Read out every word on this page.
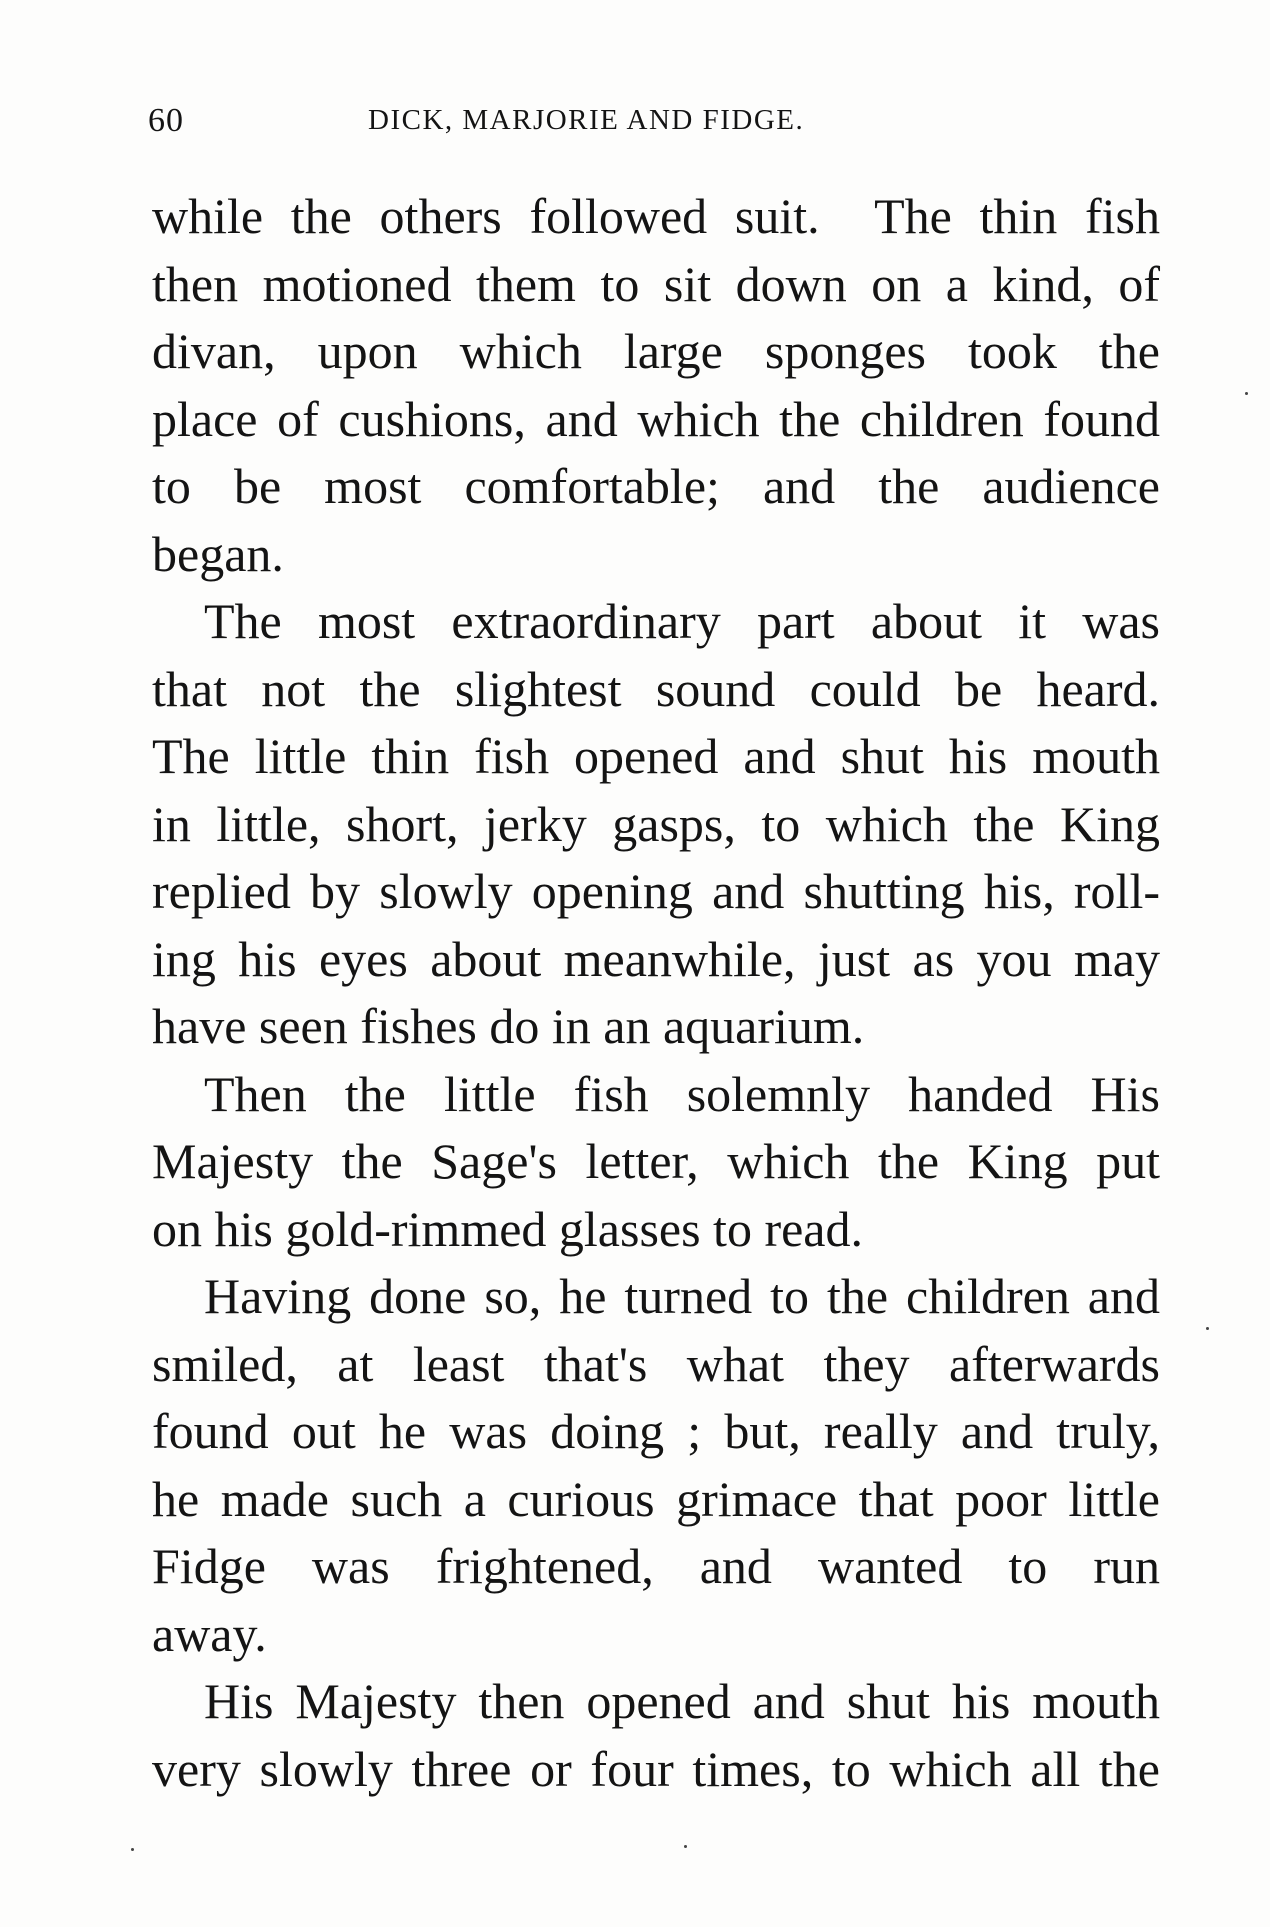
60	DICK, MARJORIE AND FIDGE.
while the others followed suit.  The thin fish
then motioned them to sit down on a kind, of
divan, upon which large sponges took the
place of cushions, and which the children found
to be most comfortable; and the audience
began.
The most extraordinary part about it was
that not the slightest sound could be heard.
The little thin fish opened and shut his mouth
in little, short, jerky gasps, to which the King
replied by slowly opening and shutting his, roll-
ing his eyes about meanwhile, just as you may
have seen fishes do in an aquarium.
Then the little fish solemnly handed His
Majesty the Sage's letter, which the King put
on his gold-rimmed glasses to read.
Having done so, he turned to the children and
smiled, at least that's what they afterwards
found out he was doing ; but, really and truly,
he made such a curious grimace that poor little
Fidge was frightened, and wanted to run
away.
His Majesty then opened and shut his mouth
very slowly three or four times, to which all the
